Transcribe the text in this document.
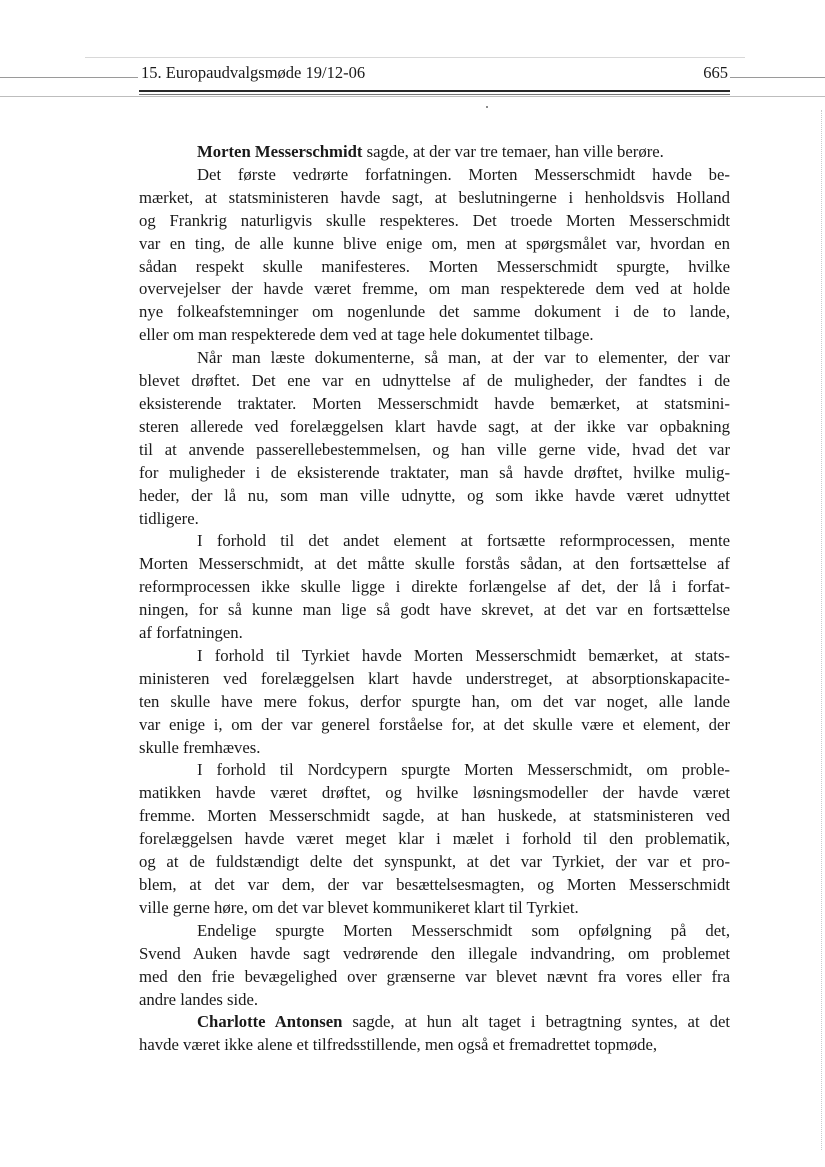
15. Europaudvalgsmøde 19/12-06	665
Morten Messerschmidt sagde, at der var tre temaer, han ville berøre.
Det første vedrørte forfatningen. Morten Messerschmidt havde be-
mærket, at statsministeren havde sagt, at beslutningerne i henholdsvis Holland
og Frankrig naturligvis skulle respekteres. Det troede Morten Messerschmidt
var en ting, de alle kunne blive enige om, men at spørgsmålet var, hvordan en
sådan respekt skulle manifesteres. Morten Messerschmidt spurgte, hvilke
overvejelser der havde været fremme, om man respekterede dem ved at holde
nye folkeafstemninger om nogenlunde det samme dokument i de to lande,
eller om man respekterede dem ved at tage hele dokumentet tilbage.
Når man læste dokumenterne, så man, at der var to elementer, der var
blevet drøftet. Det ene var en udnyttelse af de muligheder, der fandtes i de
eksisterende traktater. Morten Messerschmidt havde bemærket, at statsmini-
steren allerede ved forelæggelsen klart havde sagt, at der ikke var opbakning
til at anvende passerellebestemmelsen, og han ville gerne vide, hvad det var
for muligheder i de eksisterende traktater, man så havde drøftet, hvilke mulig-
heder, der lå nu, som man ville udnytte, og som ikke havde været udnyttet
tidligere.
I forhold til det andet element at fortsætte reformprocessen, mente
Morten Messerschmidt, at det måtte skulle forstås sådan, at den fortsættelse af
reformprocessen ikke skulle ligge i direkte forlængelse af det, der lå i forfat-
ningen, for så kunne man lige så godt have skrevet, at det var en fortsættelse
af forfatningen.
I forhold til Tyrkiet havde Morten Messerschmidt bemærket, at stats-
ministeren ved forelæggelsen klart havde understreget, at absorptionskapacite-
ten skulle have mere fokus, derfor spurgte han, om det var noget, alle lande
var enige i, om der var generel forståelse for, at det skulle være et element, der
skulle fremhæves.
I forhold til Nordcypern spurgte Morten Messerschmidt, om proble-
matikken havde været drøftet, og hvilke løsningsmodeller der havde været
fremme. Morten Messerschmidt sagde, at han huskede, at statsministeren ved
forelæggelsen havde været meget klar i mælet i forhold til den problematik,
og at de fuldstændigt delte det synspunkt, at det var Tyrkiet, der var et pro-
blem, at det var dem, der var besættelsesmagten, og Morten Messerschmidt
ville gerne høre, om det var blevet kommunikeret klart til Tyrkiet.
Endelige spurgte Morten Messerschmidt som opfølgning på det,
Svend Auken havde sagt vedrørende den illegale indvandring, om problemet
med den frie bevægelighed over grænserne var blevet nævnt fra vores eller fra
andre landes side.
Charlotte Antonsen sagde, at hun alt taget i betragtning syntes, at det
havde været ikke alene et tilfredsstillende, men også et fremadrettet topmøde,
